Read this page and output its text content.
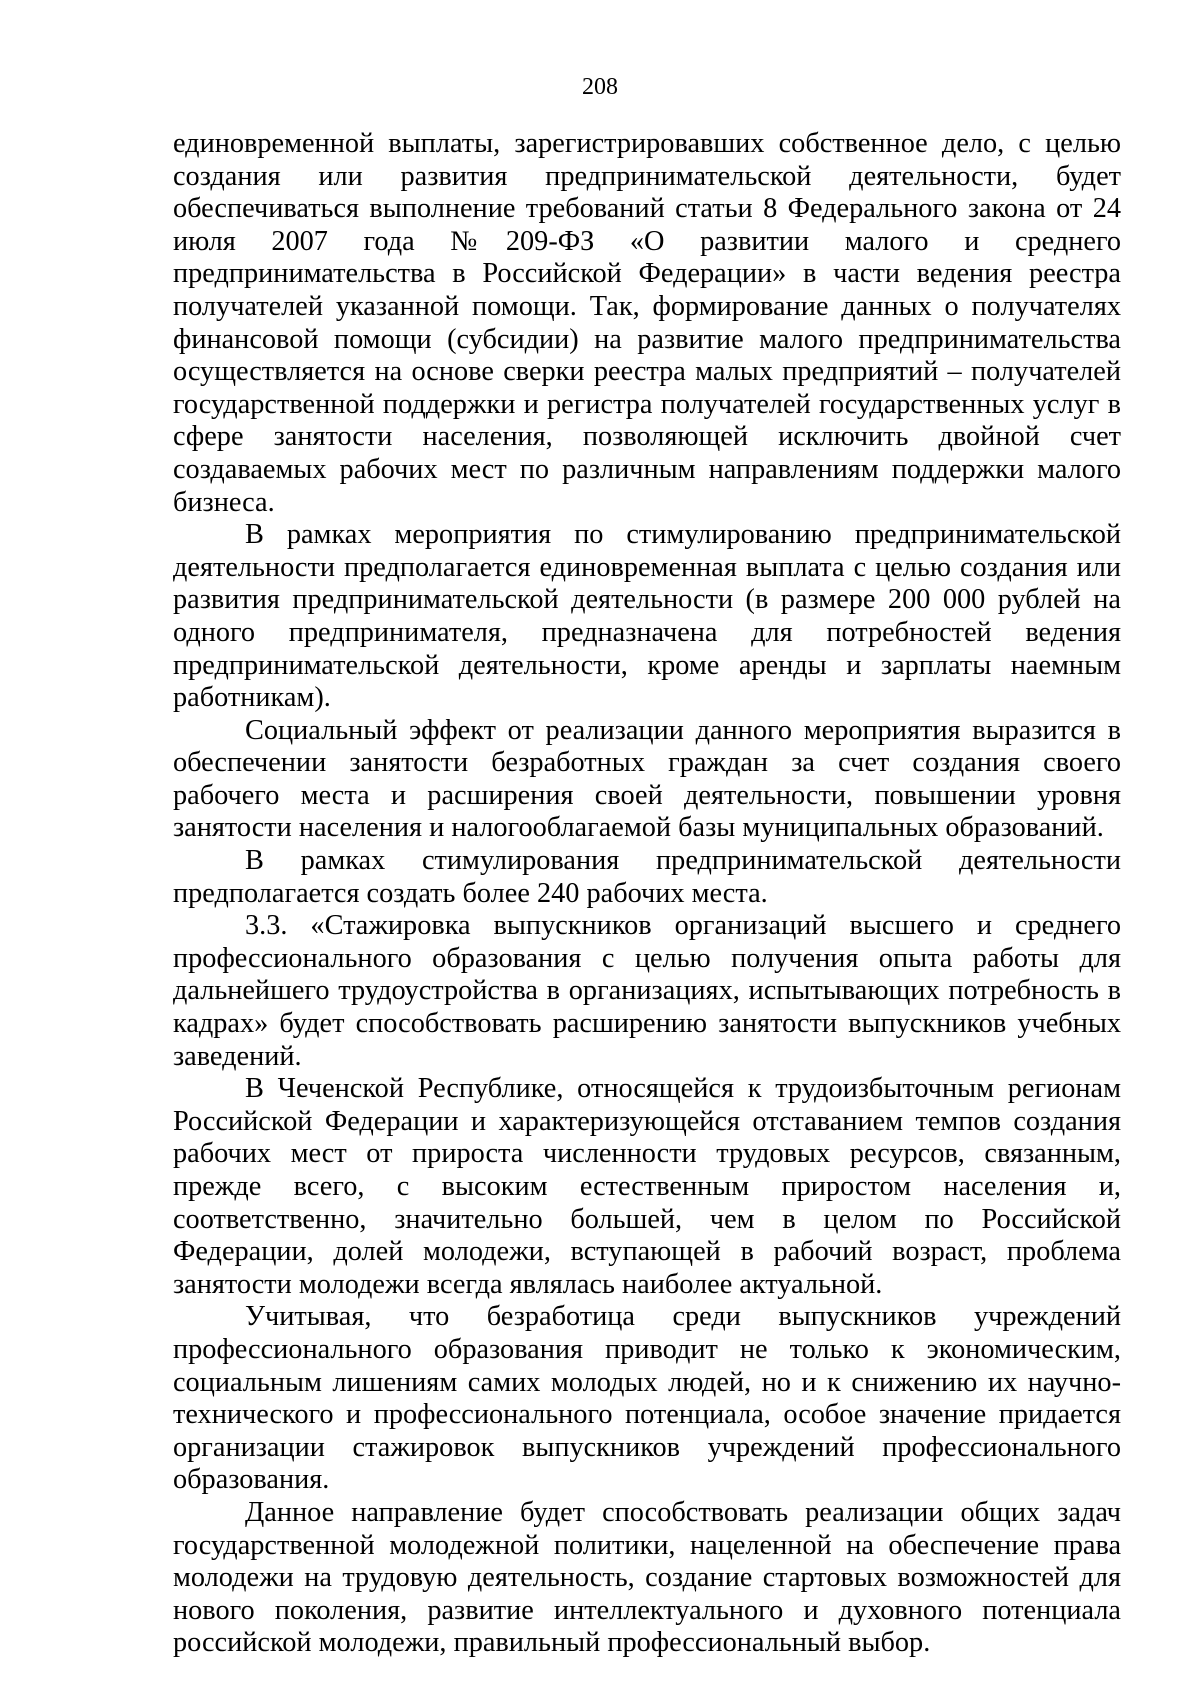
208

единовременной выплаты, зарегистрировавших собственное дело, с целью создания или развития предпринимательской деятельности, будет обеспечиваться выполнение требований статьи 8 Федерального закона от 24 июля 2007 года №209-ФЗ «О развитии малого и среднего предпринимательства в Российской Федерации» в части ведения реестра получателей указанной помощи. Так, формирование данных о получателях финансовой помощи (субсидии) на развитие малого предпринимательства осуществляется на основе сверки реестра малых предприятий – получателей государственной поддержки и регистра получателей государственных услуг в сфере занятости населения, позволяющей исключить двойной счет создаваемых рабочих мест по различным направлениям поддержки малого бизнеса.

В рамках мероприятия по стимулированию предпринимательской деятельности предполагается единовременная выплата с целью создания или развития предпринимательской деятельности (в размере 200 000 рублей на одного предпринимателя, предназначена для потребностей ведения предпринимательской деятельности, кроме аренды и зарплаты наемным работникам).

Социальный эффект от реализации данного мероприятия выразится в обеспечении занятости безработных граждан за счет создания своего рабочего места и расширения своей деятельности, повышении уровня занятости населения и налогооблагаемой базы муниципальных образований.

В рамках стимулирования предпринимательской деятельности предполагается создать более 240 рабочих места.

3.3. «Стажировка выпускников организаций высшего и среднего профессионального образования с целью получения опыта работы для дальнейшего трудоустройства в организациях, испытывающих потребность в кадрах» будет способствовать расширению занятости выпускников учебных заведений.

В Чеченской Республике, относящейся к трудоизбыточным регионам Российской Федерации и характеризующейся отставанием темпов создания рабочих мест от прироста численности трудовых ресурсов, связанным, прежде всего, с высоким естественным приростом населения и, соответственно, значительно большей, чем в целом по Российской Федерации, долей молодежи, вступающей в рабочий возраст, проблема занятости молодежи всегда являлась наиболее актуальной.

Учитывая, что безработица среди выпускников учреждений профессионального образования приводит не только к экономическим, социальным лишениям самих молодых людей, но и к снижению их научно-технического и профессионального потенциала, особое значение придается организации стажировок выпускников учреждений профессионального образования.

Данное направление будет способствовать реализации общих задач государственной молодежной политики, нацеленной на обеспечение права молодежи на трудовую деятельность, создание стартовых возможностей для нового поколения, развитие интеллектуального и духовного потенциала российской молодежи, правильный профессиональный выбор.
